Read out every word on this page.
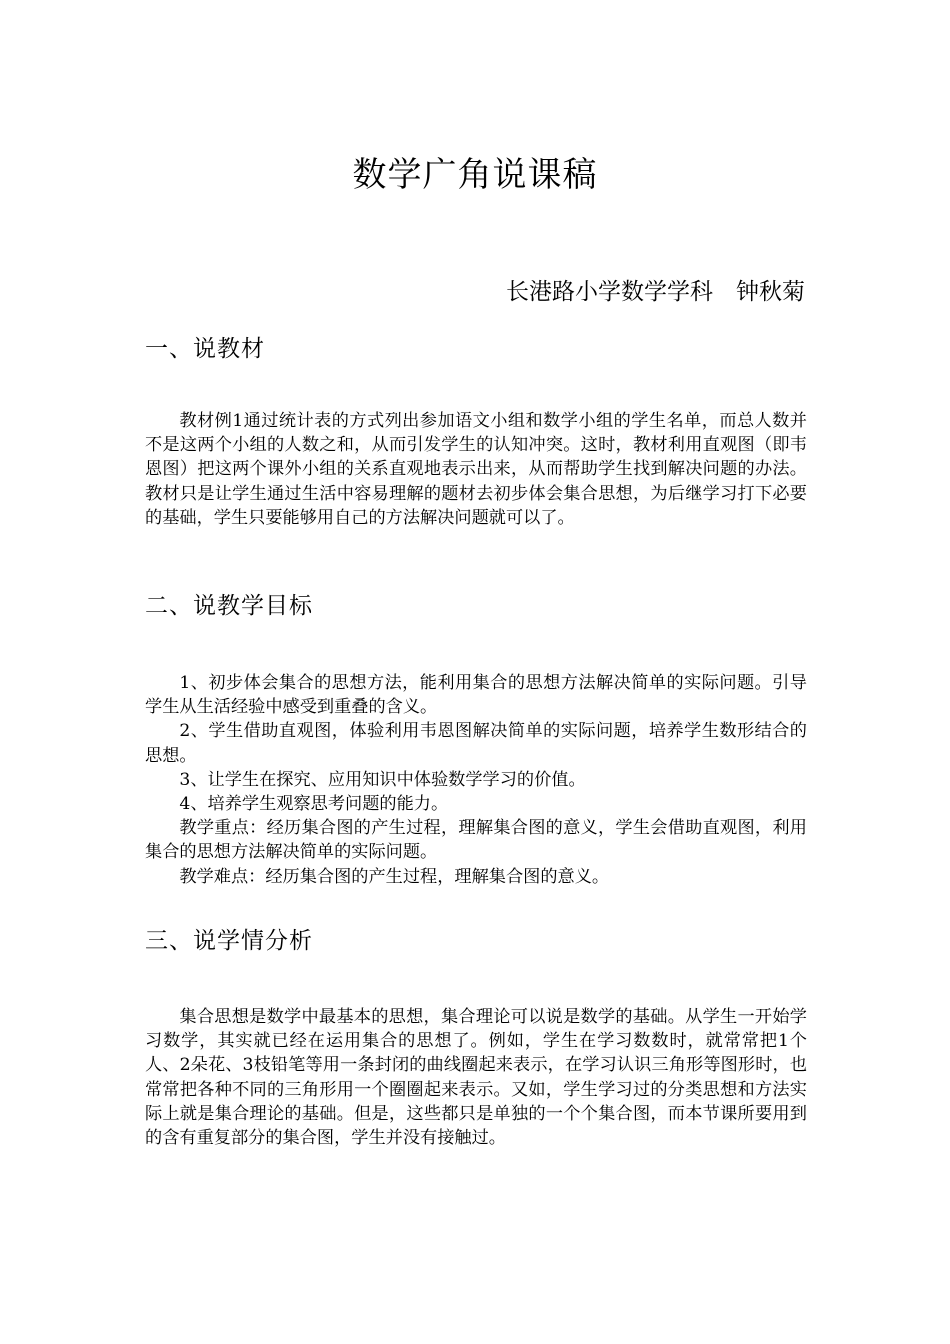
数学广角说课稿
长港路小学数学学科　钟秋菊
一、说教材

教材例1通过统计表的方式列出参加语文小组和数学小组的学生名单，而总人数并不是这两个小组的人数之和，从而引发学生的认知冲突。这时，教材利用直观图（即韦恩图）把这两个课外小组的关系直观地表示出来，从而帮助学生找到解决问题的办法。教材只是让学生通过生活中容易理解的题材去初步体会集合思想，为后继学习打下必要的基础，学生只要能够用自己的方法解决问题就可以了。

二、说教学目标

1、初步体会集合的思想方法，能利用集合的思想方法解决简单的实际问题。引导学生从生活经验中感受到重叠的含义。

2、学生借助直观图，体验利用韦恩图解决简单的实际问题，培养学生数形结合的思想。

3、让学生在探究、应用知识中体验数学学习的价值。

4、培养学生观察思考问题的能力。

教学重点：经历集合图的产生过程，理解集合图的意义，学生会借助直观图，利用集合的思想方法解决简单的实际问题。

教学难点：经历集合图的产生过程，理解集合图的意义。

三、说学情分析

集合思想是数学中最基本的思想，集合理论可以说是数学的基础。从学生一开始学习数学，其实就已经在运用集合的思想了。例如，学生在学习数数时，就常常把1个人、2朵花、3枝铅笔等用一条封闭的曲线圈起来表示，在学习认识三角形等图形时，也常常把各种不同的三角形用一个圈圈起来表示。又如，学生学习过的分类思想和方法实际上就是集合理论的基础。但是，这些都只是单独的一个个集合图，而本节课所要用到的含有重复部分的集合图，学生并没有接触过。
